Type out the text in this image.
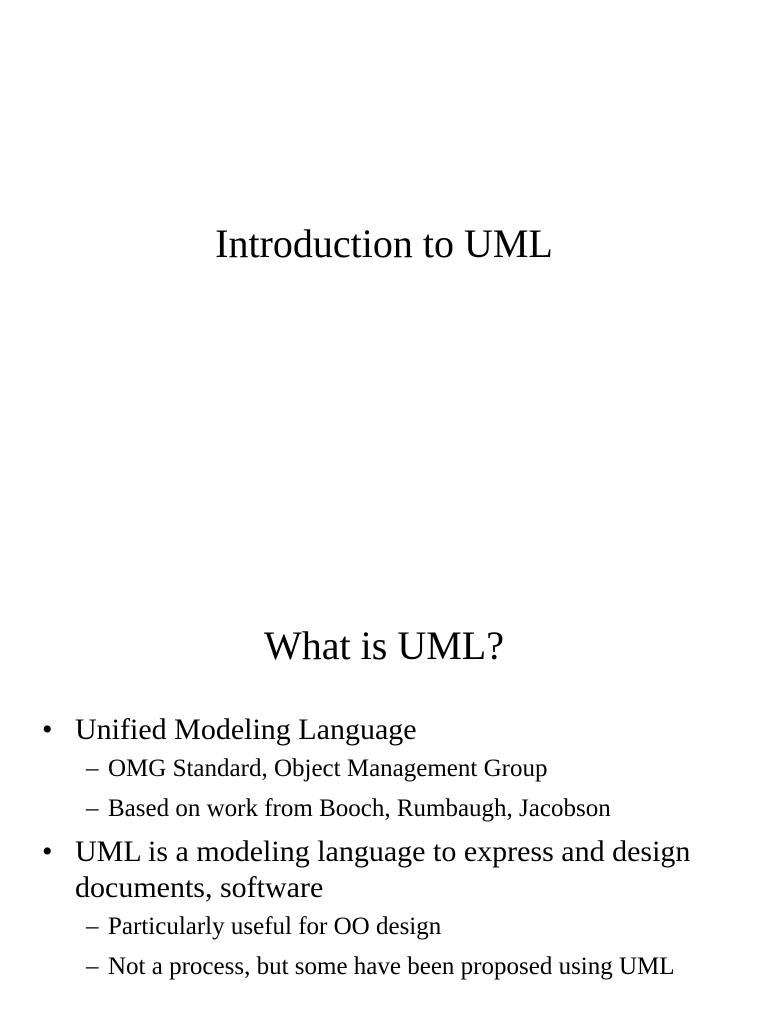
Introduction to UML
What is UML?
• Unified Modeling Language
– OMG Standard, Object Management Group
– Based on work from Booch, Rumbaugh, Jacobson
• UML is a modeling language to express and design documents, software
– Particularly useful for OO design
– Not a process, but some have been proposed using UML
